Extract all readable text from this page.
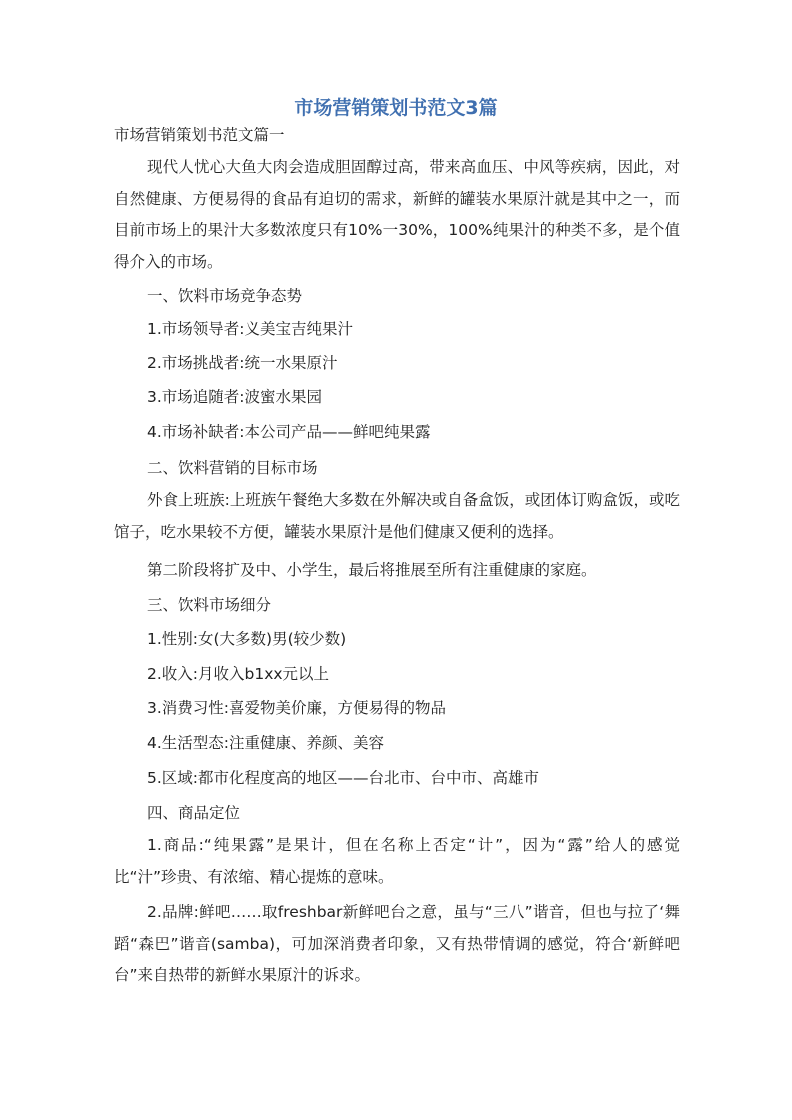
市场营销策划书范文3篇
市场营销策划书范文篇一

现代人忧心大鱼大肉会造成胆固醇过高，带来高血压、中风等疾病，因此，对自然健康、方便易得的食品有迫切的需求，新鲜的罐装水果原汁就是其中之一，而目前市场上的果汁大多数浓度只有10%一30%，100%纯果汁的种类不多，是个值得介入的市场。

一、饮料市场竞争态势
1.市场领导者:义美宝吉纯果汁
2.市场挑战者:统一水果原汁
3.市场追随者:波蜜水果园
4.市场补缺者:本公司产品——鲜吧纯果露
二、饮料营销的目标市场

外食上班族:上班族午餐绝大多数在外解决或自备盒饭，或团体订购盒饭，或吃馆子，吃水果较不方便，罐装水果原汁是他们健康又便利的选择。

第二阶段将扩及中、小学生，最后将推展至所有注重健康的家庭。

三、饮料市场细分
1.性别:女(大多数)男(较少数)
2.收入:月收入b1xx元以上
3.消费习性:喜爱物美价廉，方便易得的物品
4.生活型态:注重健康、养颜、美容
5.区域:都市化程度高的地区——台北市、台中市、高雄市
四、商品定位

1.商品:“纯果露”是果计，但在名称上否定“计”，因为“露”给人的感觉比“汁”珍贵、有浓缩、精心提炼的意味。

2.品牌:鲜吧……取freshbar新鲜吧台之意，虽与“三八”谐音，但也与拉了‘舞蹈“森巴”谐音(samba)，可加深消费者印象，又有热带情调的感觉，符合‘新鲜吧台”来自热带的新鲜水果原汁的诉求。
